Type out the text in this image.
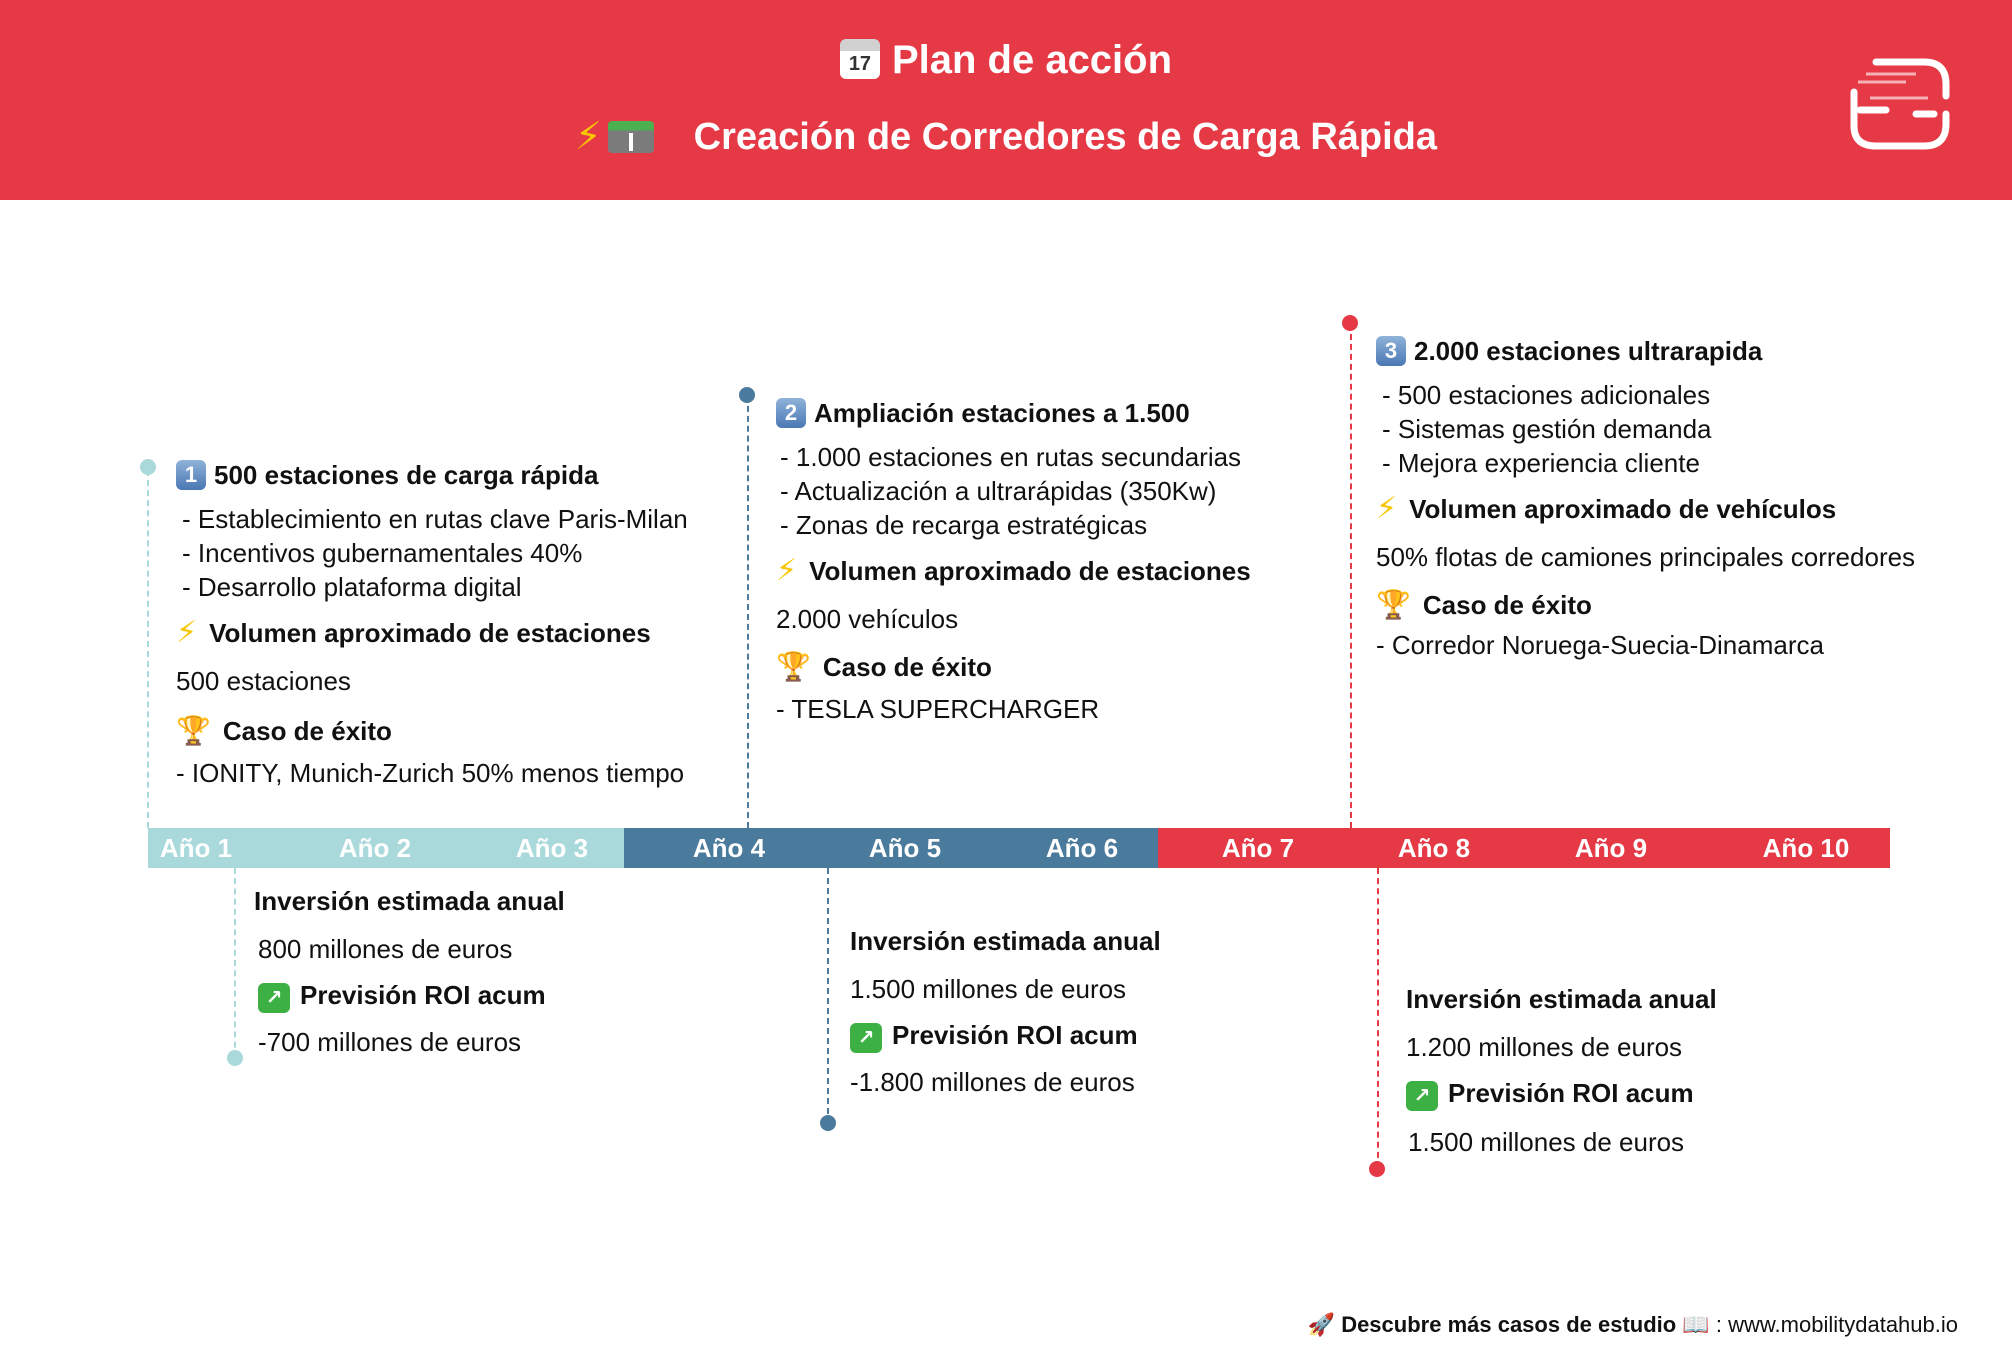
17 Plan de acción
⚡ Creación de Corredores de Carga Rápida
Año 1	Año 2	Año 3	Año 4	Año 5	Año 6	Año 7	Año 8	Año 9	Año 10
1 500 estaciones de carga rápida
- Establecimiento en rutas clave Paris-Milan
- Incentivos gubernamentales 40%
- Desarrollo plataforma digital
⚡ Volumen aproximado de estaciones
500 estaciones
🏆 Caso de éxito
- IONITY, Munich-Zurich 50% menos tiempo
2 Ampliación estaciones a 1.500
- 1.000 estaciones en rutas secundarias
- Actualización a ultrarápidas (350Kw)
- Zonas de recarga estratégicas
⚡ Volumen aproximado de estaciones
2.000 vehículos
🏆 Caso de éxito
- TESLA SUPERCHARGER
3 2.000 estaciones ultrarapida
- 500 estaciones adicionales
- Sistemas gestión demanda
- Mejora experiencia cliente
⚡ Volumen aproximado de vehículos
50% flotas de camiones principales corredores
🏆 Caso de éxito
- Corredor Noruega-Suecia-Dinamarca
Inversión estimada anual
800 millones de euros
↗ Previsión ROI acum
-700 millones de euros
Inversión estimada anual
1.500 millones de euros
↗ Previsión ROI acum
-1.800 millones de euros
Inversión estimada anual
1.200 millones de euros
↗ Previsión ROI acum
1.500 millones de euros
🚀 Descubre más casos de estudio 📖 : www.mobilitydatahub.io
